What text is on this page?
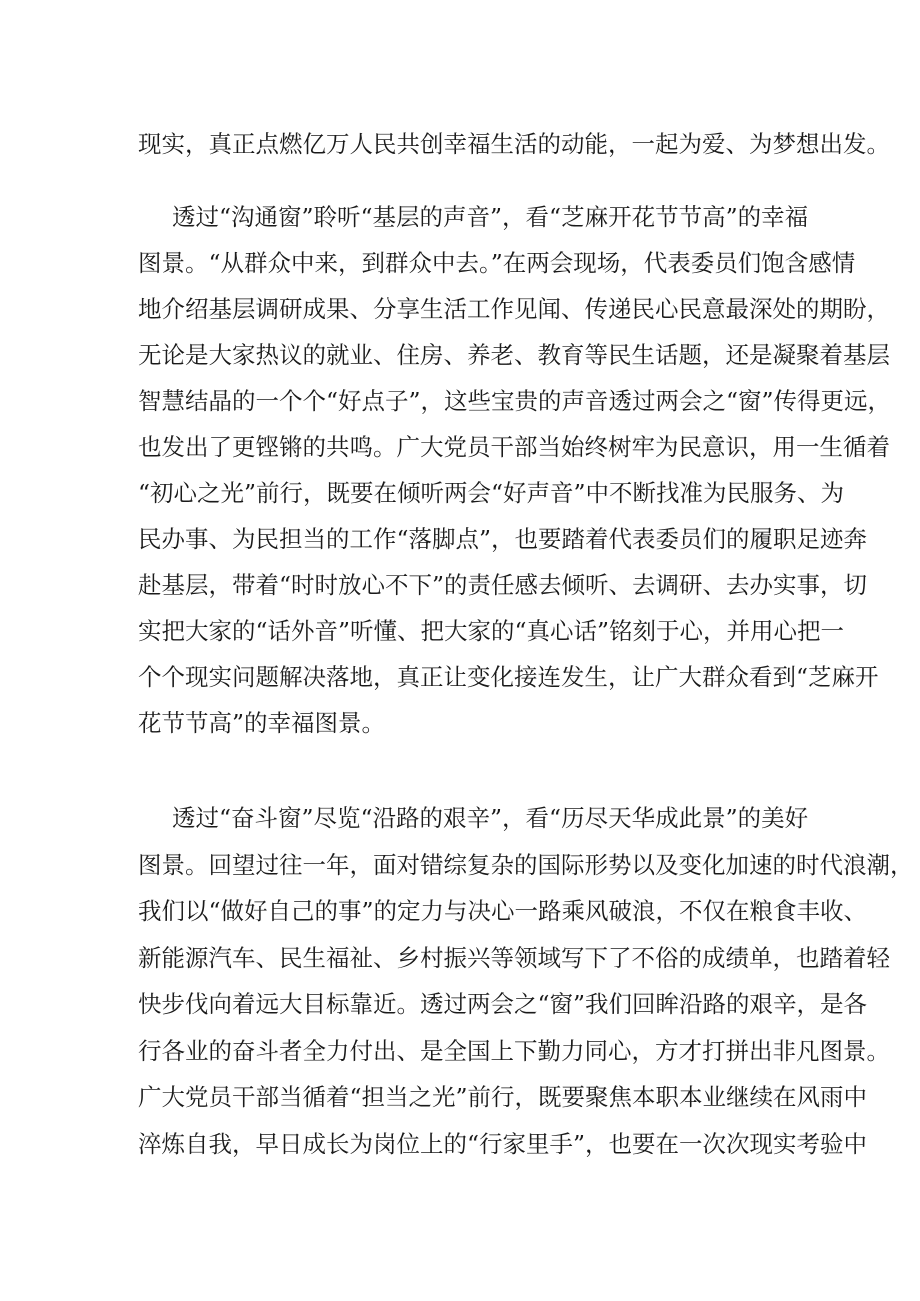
现实，真正点燃亿万人民共创幸福生活的动能，一起为爱、为梦想出发。
透过“沟通窗”聆听“基层的声音”，看“芝麻开花节节高”的幸福
图景。“从群众中来，到群众中去。”在两会现场，代表委员们饱含感情
地介绍基层调研成果、分享生活工作见闻、传递民心民意最深处的期盼，
无论是大家热议的就业、住房、养老、教育等民生话题，还是凝聚着基层
智慧结晶的一个个“好点子”，这些宝贵的声音透过两会之“窗”传得更远，
也发出了更铿锵的共鸣。广大党员干部当始终树牢为民意识，用一生循着
“初心之光”前行，既要在倾听两会“好声音”中不断找准为民服务、为
民办事、为民担当的工作“落脚点”，也要踏着代表委员们的履职足迹奔
赴基层，带着“时时放心不下”的责任感去倾听、去调研、去办实事，切
实把大家的“话外音”听懂、把大家的“真心话”铭刻于心，并用心把一
个个现实问题解决落地，真正让变化接连发生，让广大群众看到“芝麻开
花节节高”的幸福图景。
透过“奋斗窗”尽览“沿路的艰辛”，看“历尽天华成此景”的美好
图景。回望过往一年，面对错综复杂的国际形势以及变化加速的时代浪潮，
我们以“做好自己的事”的定力与决心一路乘风破浪，不仅在粮食丰收、
新能源汽车、民生福祉、乡村振兴等领域写下了不俗的成绩单，也踏着轻
快步伐向着远大目标靠近。透过两会之“窗”我们回眸沿路的艰辛，是各
行各业的奋斗者全力付出、是全国上下勤力同心，方才打拼出非凡图景。
广大党员干部当循着“担当之光”前行，既要聚焦本职本业继续在风雨中
淬炼自我，早日成长为岗位上的“行家里手”，也要在一次次现实考验中
